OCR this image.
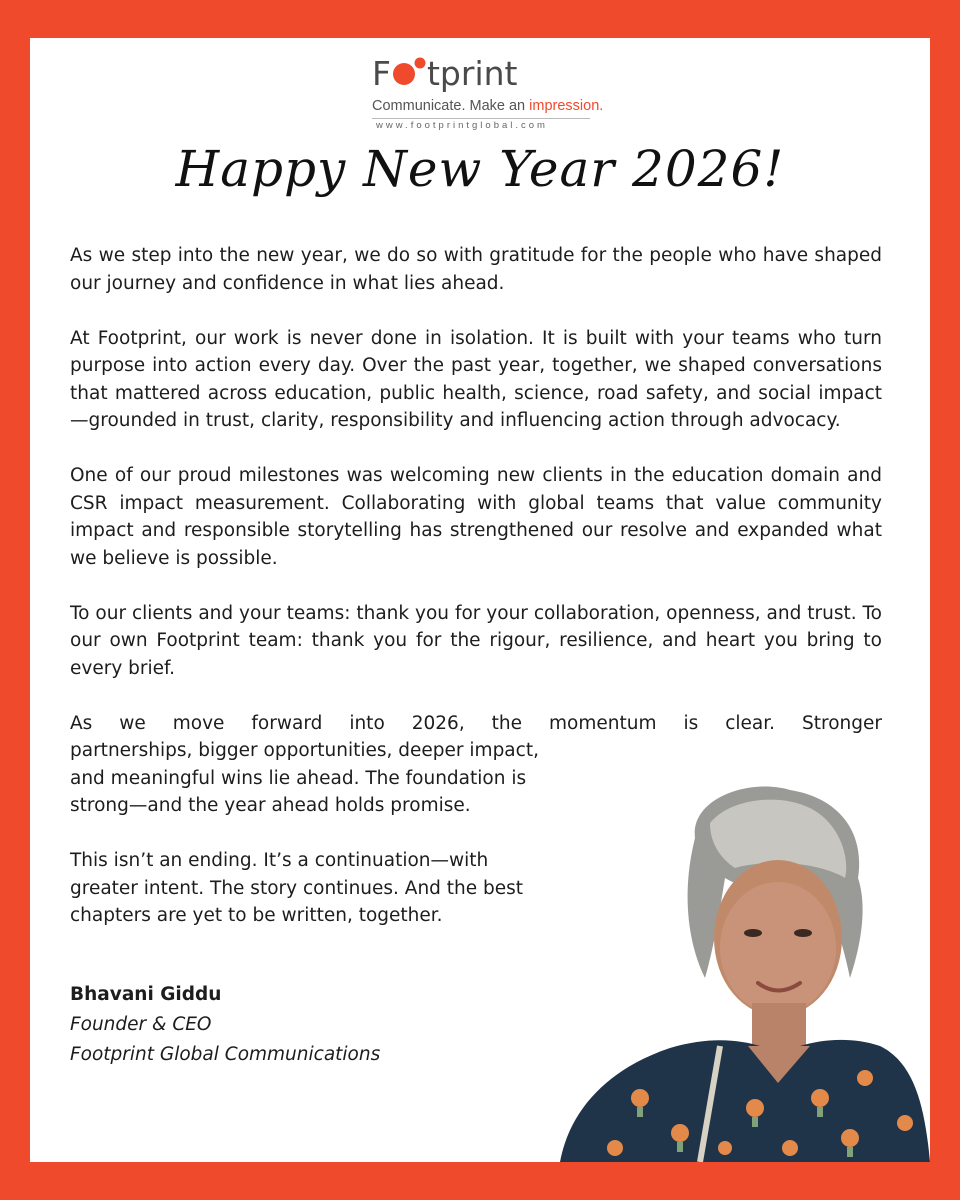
F tprint
Communicate. Make an impression.
www.footprintglobal.com
Happy New Year 2026!

As we step into the new year, we do so with gratitude for the people who have shaped our journey and confidence in what lies ahead.

At Footprint, our work is never done in isolation. It is built with your teams who turn purpose into action every day. Over the past year, together, we shaped conversations that mattered across education, public health, science, road safety, and social impact—grounded in trust, clarity, responsibility and influencing action through advocacy.

One of our proud milestones was welcoming new clients in the education domain and CSR impact measurement. Collaborating with global teams that value community impact and responsible storytelling has strengthened our resolve and expanded what we believe is possible.

To our clients and your teams: thank you for your collaboration, openness, and trust. To our own Footprint team: thank you for the rigour, resilience, and heart you bring to every brief.

As we move forward into 2026, the momentum is clear. Stronger

partnerships, bigger opportunities, deeper impact, and meaningful wins lie ahead. The foundation is strong—and the year ahead holds promise.

This isn’t an ending. It’s a continuation—with greater intent. The story continues. And the best chapters are yet to be written, together.

Bhavani Giddu
Founder & CEO
Footprint Global Communications
